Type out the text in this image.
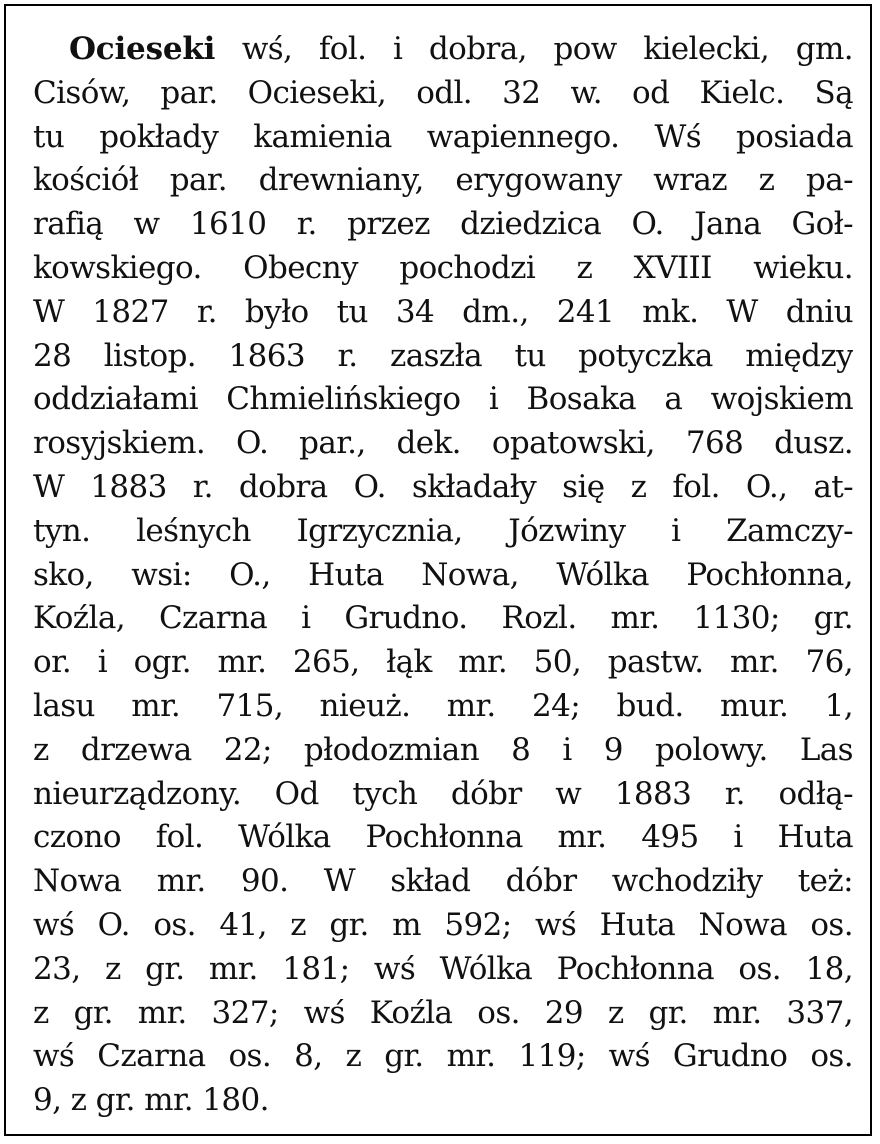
Ocieseki wś, fol. i dobra, pow kielecki, gm.
Cisów, par. Ocieseki, odl. 32 w. od Kielc. Są
tu pokłady kamienia wapiennego. Wś posiada
kościół par. drewniany, erygowany wraz z pa-
rafią w 1610 r. przez dziedzica O. Jana Goł-
kowskiego. Obecny pochodzi z XVIII wieku.
W 1827 r. było tu 34 dm., 241 mk. W dniu
28 listop. 1863 r. zaszła tu potyczka między
oddziałami Chmielińskiego i Bosaka a wojskiem
rosyjskiem. O. par., dek. opatowski, 768 dusz.
W 1883 r. dobra O. składały się z fol. O., at-
tyn. leśnych Igrzycznia, Józwiny i Zamczy-
sko, wsi: O., Huta Nowa, Wólka Pochłonna,
Koźla, Czarna i Grudno. Rozl. mr. 1130; gr.
or. i ogr. mr. 265, łąk mr. 50, pastw. mr. 76,
lasu mr. 715, nieuż. mr. 24; bud. mur. 1,
z drzewa 22; płodozmian 8 i 9 polowy. Las
nieurządzony. Od tych dóbr w 1883 r. odłą-
czono fol. Wólka Pochłonna mr. 495 i Huta
Nowa mr. 90. W skład dóbr wchodziły też:
wś O. os. 41, z gr. m 592; wś Huta Nowa os.
23, z gr. mr. 181; wś Wólka Pochłonna os. 18,
z gr. mr. 327; wś Koźla os. 29 z gr. mr. 337,
wś Czarna os. 8, z gr. mr. 119; wś Grudno os.
9, z gr. mr. 180.
